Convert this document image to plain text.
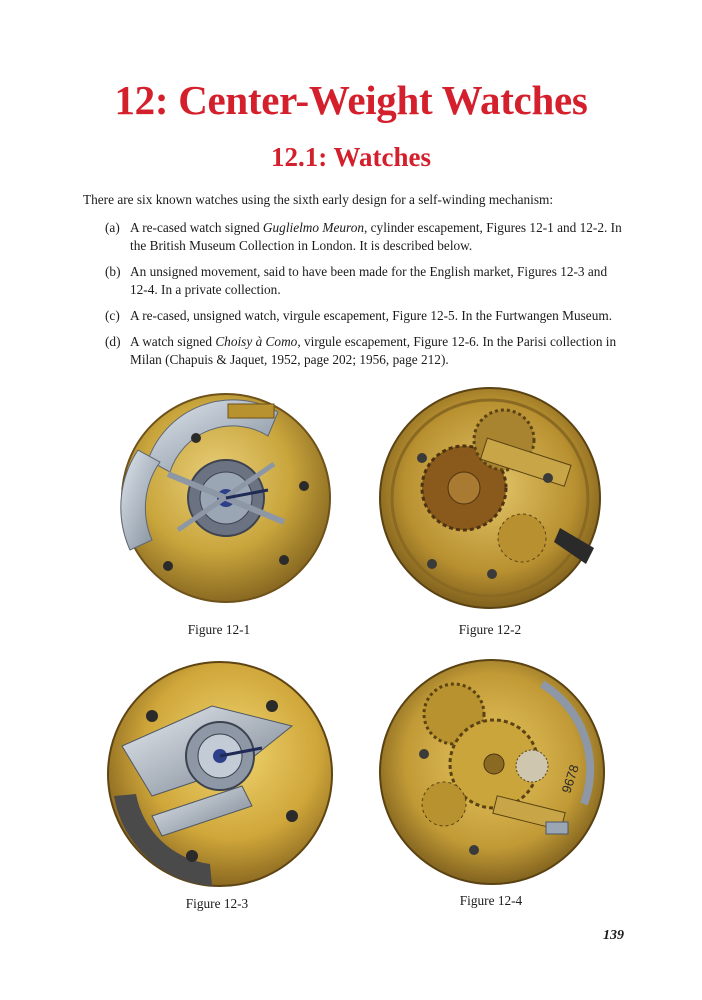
12: Center-Weight Watches
12.1: Watches

There are six known watches using the sixth early design for a self-winding mechanism:

(a) A re-cased watch signed Guglielmo Meuron, cylinder escapement, Figures 12-1 and 12-2. In the British Museum Collection in London. It is described below.
(b) An unsigned movement, said to have been made for the English market, Figures 12-3 and 12-4. In a private collection.
(c) A re-cased, unsigned watch, virgule escapement, Figure 12-5. In the Furtwangen Museum.
(d) A watch signed Choisy à Como, virgule escapement, Figure 12-6. In the Parisi collection in Milan (Chapuis & Jaquet, 1952, page 202; 1956, page 212).
Figure 12-1	Figure 12-2
Figure 12-3
9678
Figure 12-4
139
